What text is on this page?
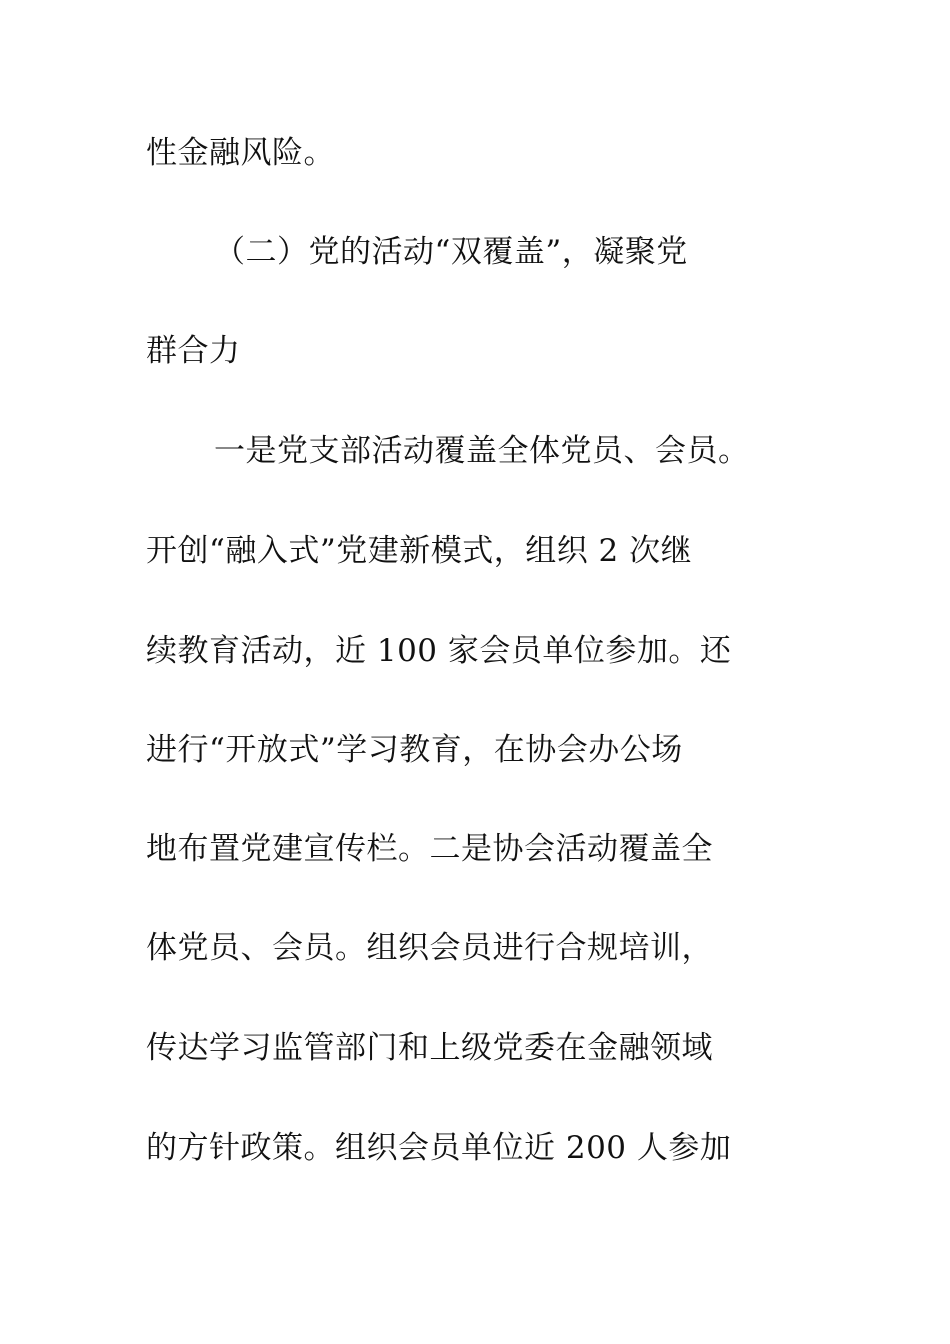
性金融风险。
（二）党的活动“双覆盖”，凝聚党
群合力
一是党支部活动覆盖全体党员、会员。
开创“融入式”党建新模式，组织 2 次继
续教育活动，近 100 家会员单位参加。还
进行“开放式”学习教育，在协会办公场
地布置党建宣传栏。二是协会活动覆盖全
体党员、会员。组织会员进行合规培训，
传达学习监管部门和上级党委在金融领域
的方针政策。组织会员单位近 200 人参加
